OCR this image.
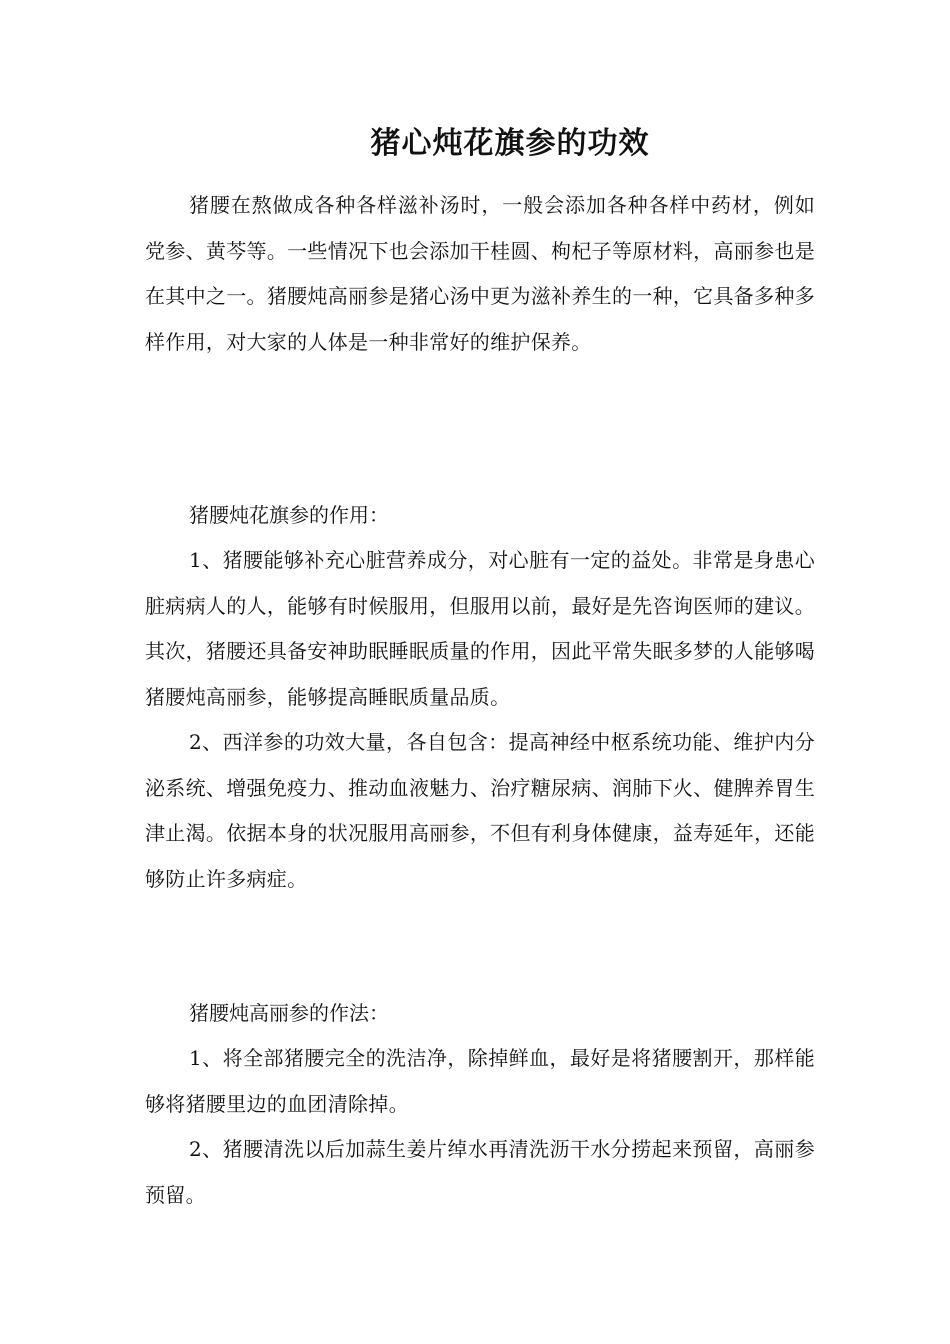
猪心炖花旗参的功效

猪腰在熬做成各种各样滋补汤时，一般会添加各种各样中药材，例如党参、黄芩等。一些情况下也会添加干桂圆、枸杞子等原材料，高丽参也是在其中之一。猪腰炖高丽参是猪心汤中更为滋补养生的一种，它具备多种多样作用，对大家的人体是一种非常好的维护保养。

猪腰炖花旗参的作用：

1、猪腰能够补充心脏营养成分，对心脏有一定的益处。非常是身患心脏病病人的人，能够有时候服用，但服用以前，最好是先咨询医师的建议。其次，猪腰还具备安神助眠睡眠质量的作用，因此平常失眠多梦的人能够喝猪腰炖高丽参，能够提高睡眠质量品质。

2、西洋参的功效大量，各自包含：提高神经中枢系统功能、维护内分泌系统、增强免疫力、推动血液魅力、治疗糖尿病、润肺下火、健脾养胃生津止渴。依据本身的状况服用高丽参，不但有利身体健康，益寿延年，还能够防止许多病症。

猪腰炖高丽参的作法：

1、将全部猪腰完全的洗洁净，除掉鲜血，最好是将猪腰割开，那样能够将猪腰里边的血团清除掉。

2、猪腰清洗以后加蒜生姜片绰水再清洗沥干水分捞起来预留，高丽参预留。
